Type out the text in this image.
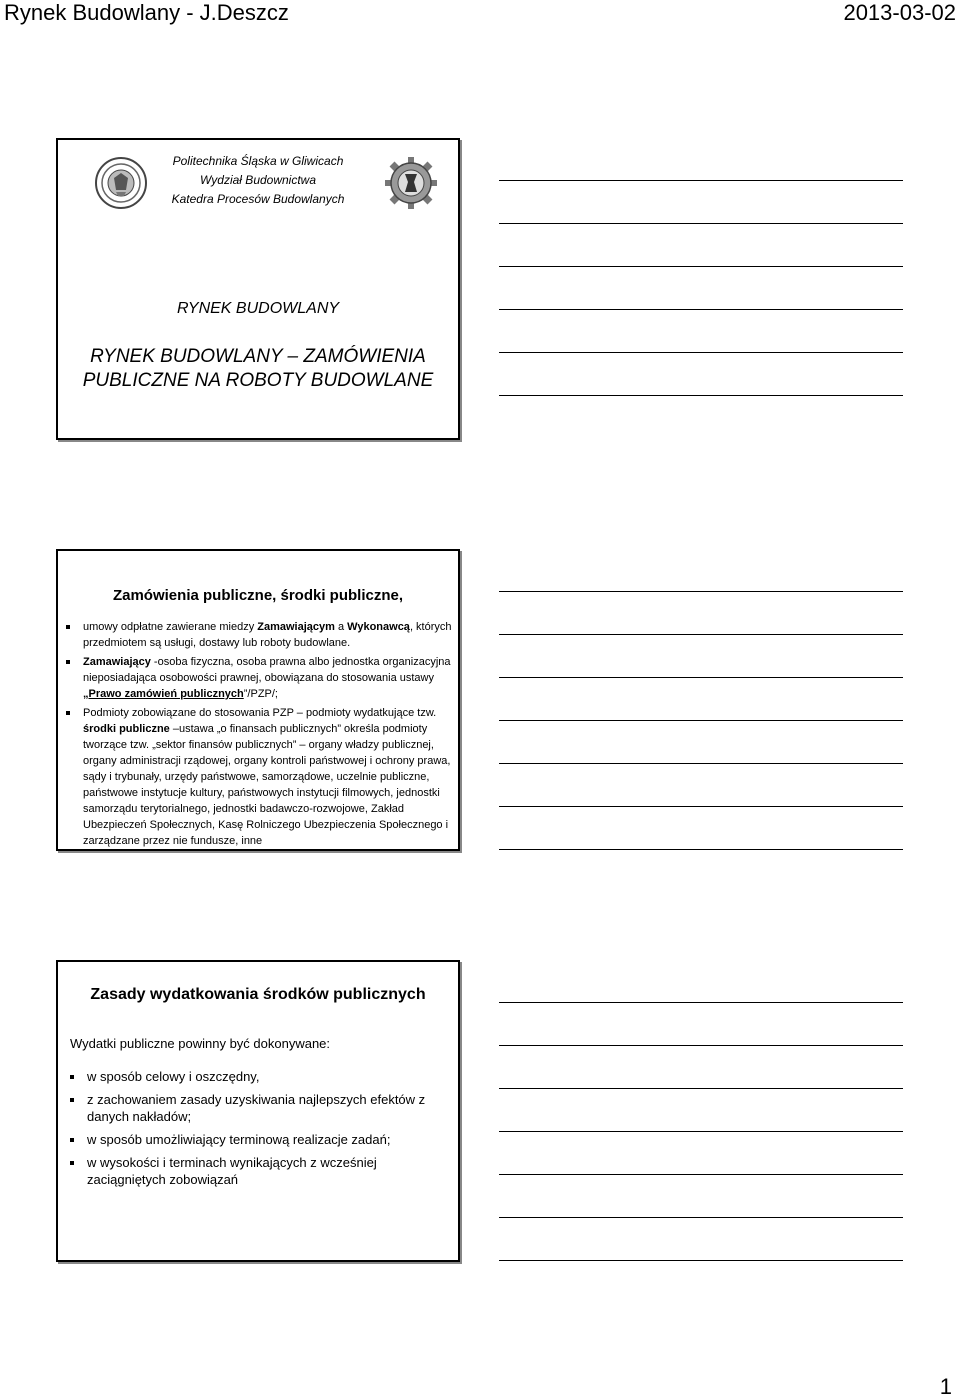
Rynek Budowlany - J.Deszcz	2013-03-02
Politechnika Śląska w Gliwicach
Wydział Budownictwa
Katedra Procesów Budowlanych
RYNEK BUDOWLANY
RYNEK BUDOWLANY – ZAMÓWIENIA
PUBLICZNE NA ROBOTY BUDOWLANE
Zamówienia publiczne, środki publiczne,
umowy odpłatne zawierane miedzy Zamawiającym a Wykonawcą, których przedmiotem są usługi, dostawy lub roboty budowlane.
Zamawiający -osoba fizyczna, osoba prawna albo jednostka organizacyjna nieposiadająca osobowości prawnej, obowiązana do stosowania ustawy „Prawo zamówień publicznych”/PZP/;
Podmioty zobowiązane do stosowania PZP – podmioty wydatkujące tzw. środki publiczne –ustawa „o finansach publicznych” określa podmioty tworzące tzw. „sektor finansów publicznych” – organy władzy publicznej, organy administracji rządowej, organy kontroli państwowej i ochrony prawa, sądy i trybunały, urzędy państwowe, samorządowe, uczelnie publiczne, państwowe instytucje kultury, państwowych instytucji filmowych, jednostki samorządu terytorialnego, jednostki badawczo-rozwojowe, Zakład Ubezpieczeń Społecznych, Kasę Rolniczego Ubezpieczenia Społecznego i zarządzane przez nie fundusze, inne
Zasady wydatkowania środków publicznych
Wydatki publiczne powinny być dokonywane:
w sposób celowy i oszczędny,
z zachowaniem zasady uzyskiwania najlepszych efektów z danych nakładów;
w sposób umożliwiający terminową realizacje zadań;
w wysokości i terminach wynikających z wcześniej zaciągniętych zobowiązań
1
